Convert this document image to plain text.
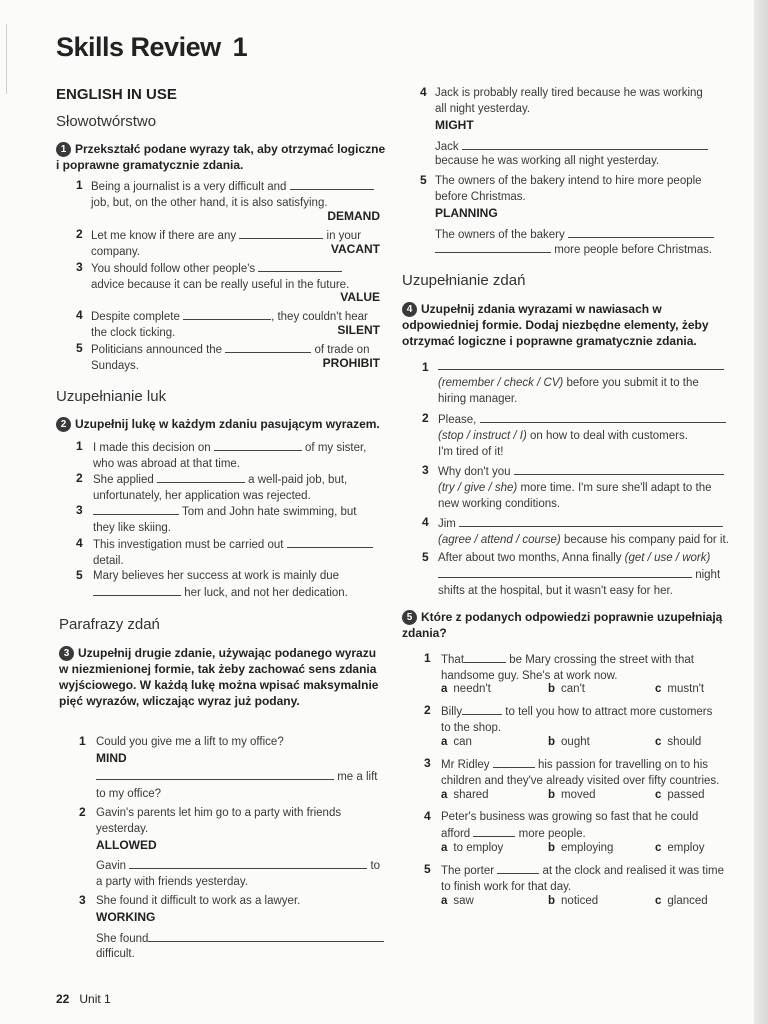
Skills Review 1
ENGLISH IN USE
Słowotwórstwo
1 Przekształć podane wyrazy tak, aby otrzymać logiczne i poprawne gramatycznie zdania.
1 Being a journalist is a very difficult and
job, but, on the other hand, it is also satisfying.
DEMAND
2 Let me know if there are any	in your
company.	VACANT
3 You should follow other people's
advice because it can be really useful in the future.
VALUE
4 Despite complete	, they couldn't hear
the clock ticking.	SILENT
5 Politicians announced the	of trade on
Sundays.	PROHIBIT
Uzupełnianie luk
2 Uzupełnij lukę w każdym zdaniu pasującym wyrazem.
1 I made this decision on	of my sister,
who was abroad at that time.
2 She applied	a well-paid job, but,
unfortunately, her application was rejected.
3	Tom and John hate swimming, but
they like skiing.
4 This investigation must be carried out
detail.
5 Mary believes her success at work is mainly due
her luck, and not her dedication.
Parafrazy zdań
3 Uzupełnij drugie zdanie, używając podanego wyrazu w niezmienionej formie, tak żeby zachować sens zdania wyjściowego. W każdą lukę można wpisać maksymalnie pięć wyrazów, wliczając wyraz już podany.
1 Could you give me a lift to my office?
MIND
me a lift
to my office?
2 Gavin's parents let him go to a party with friends
yesterday.
ALLOWED
Gavin	to
a party with friends yesterday.
3 She found it difficult to work as a lawyer.
WORKING
She found
difficult.
4 Jack is probably really tired because he was working
all night yesterday.
MIGHT
Jack
because he was working all night yesterday.
5 The owners of the bakery intend to hire more people
before Christmas.
PLANNING
The owners of the bakery
more people before Christmas.
Uzupełnianie zdań
4 Uzupełnij zdania wyrazami w nawiasach w odpowiedniej formie. Dodaj niezbędne elementy, żeby otrzymać logiczne i poprawne gramatycznie zdania.
1

(remember / check / CV) before you submit it to the
hiring manager.
2 Please,
(stop / instruct / I) on how to deal with customers.
I'm tired of it!
3 Why don't you
(try / give / she) more time. I'm sure she'll adapt to the
new working conditions.
4 Jim
(agree / attend / course) because his company paid for it.
5 After about two months, Anna finally (get / use / work)
night
shifts at the hospital, but it wasn't easy for her.
5 Które z podanych odpowiedzi poprawnie uzupełniają zdania?
1 That	be Mary crossing the street with that
handsome guy. She's at work now.
a needn't	b can't	c mustn't
2 Billy	to tell you how to attract more customers
to the shop.
a can	b ought	c should
3 Mr Ridley	his passion for travelling on to his
children and they've already visited over fifty countries.
a shared	b moved	c passed
4 Peter's business was growing so fast that he could
afford	more people.
a to employ	b employing	c employ
5 The porter	at the clock and realised it was time
to finish work for that day.
a saw	b noticed	c glanced
22 Unit 1
